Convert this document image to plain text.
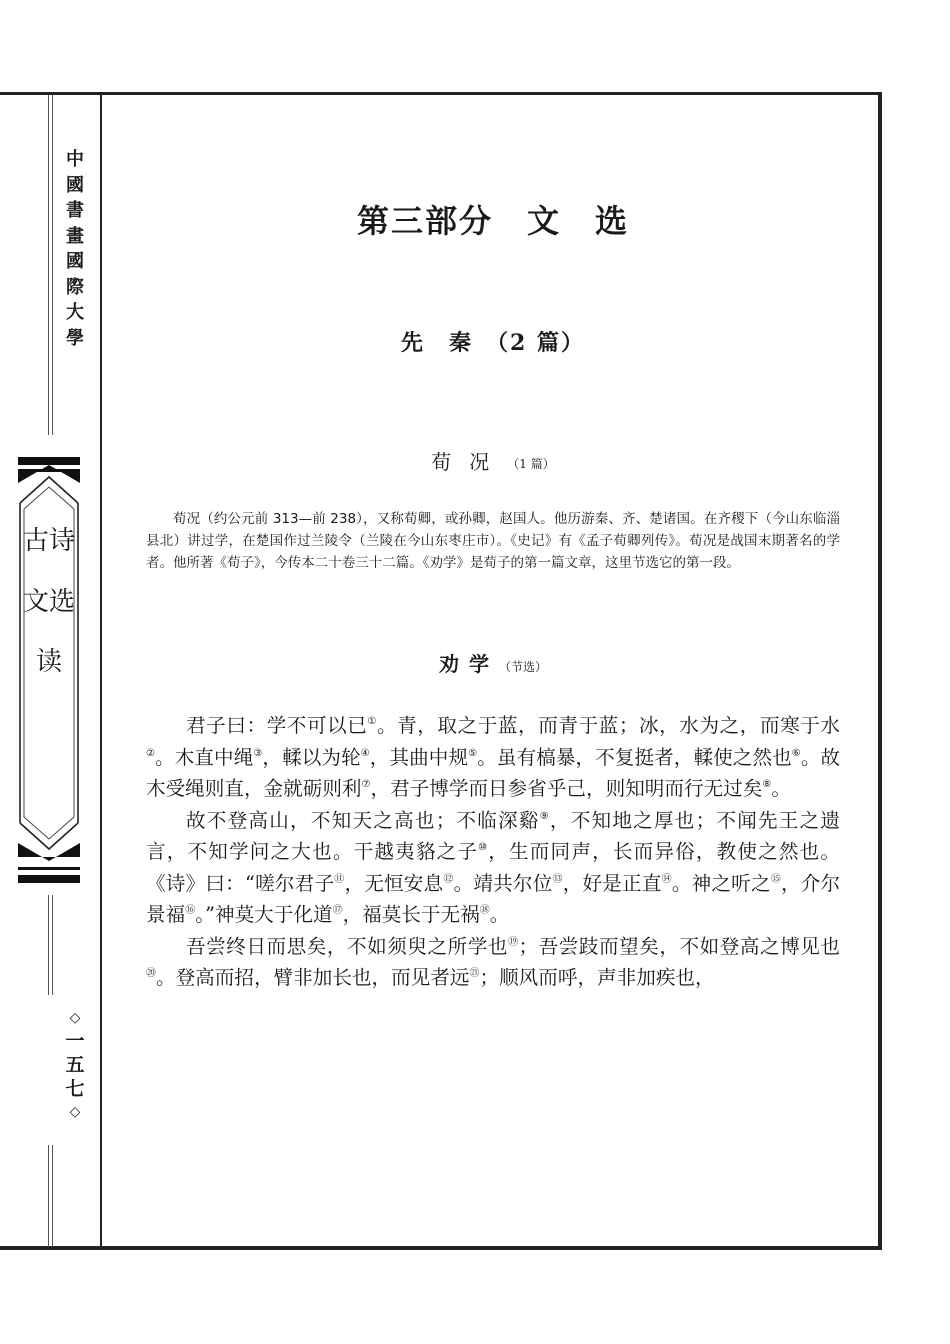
中國書畫國際大學
古诗文选读
◇
一五七
◇
第三部分　文　选
先　秦　（2 篇）
荀况（1 篇）
荀况（约公元前 313—前 238），又称荀卿，或孙卿，赵国人。他历游秦、齐、楚诸国。在齐稷下（今山东临淄县北）讲过学，在楚国作过兰陵令（兰陵在今山东枣庄市）。《史记》有《孟子荀卿列传》。荀况是战国末期著名的学者。他所著《荀子》，今传本二十卷三十二篇。《劝学》是荀子的第一篇文章，这里节选它的第一段。
劝学（节选）

君子曰：学不可以已①。青，取之于蓝，而青于蓝；冰，水为之，而寒于水②。木直中绳③，輮以为轮④，其曲中规⑤。虽有槁暴，不复挺者，輮使之然也⑥。故木受绳则直，金就砺则利⑦，君子博学而日参省乎己，则知明而行无过矣⑧。

故不登高山，不知天之高也；不临深谿⑨，不知地之厚也；不闻先王之遗言，不知学问之大也。干越夷貉之子⑩，生而同声，长而异俗，教使之然也。《诗》曰：“嗟尔君子⑪，无恒安息⑫。靖共尔位⑬，好是正直⑭。神之听之⑮，介尔景福⑯。”神莫大于化道⑰，福莫长于无祸⑱。

吾尝终日而思矣，不如须臾之所学也⑲；吾尝跂而望矣，不如登高之博见也⑳。登高而招，臂非加长也，而见者远$^㉑$；顺风而呼，声非加疾也，
